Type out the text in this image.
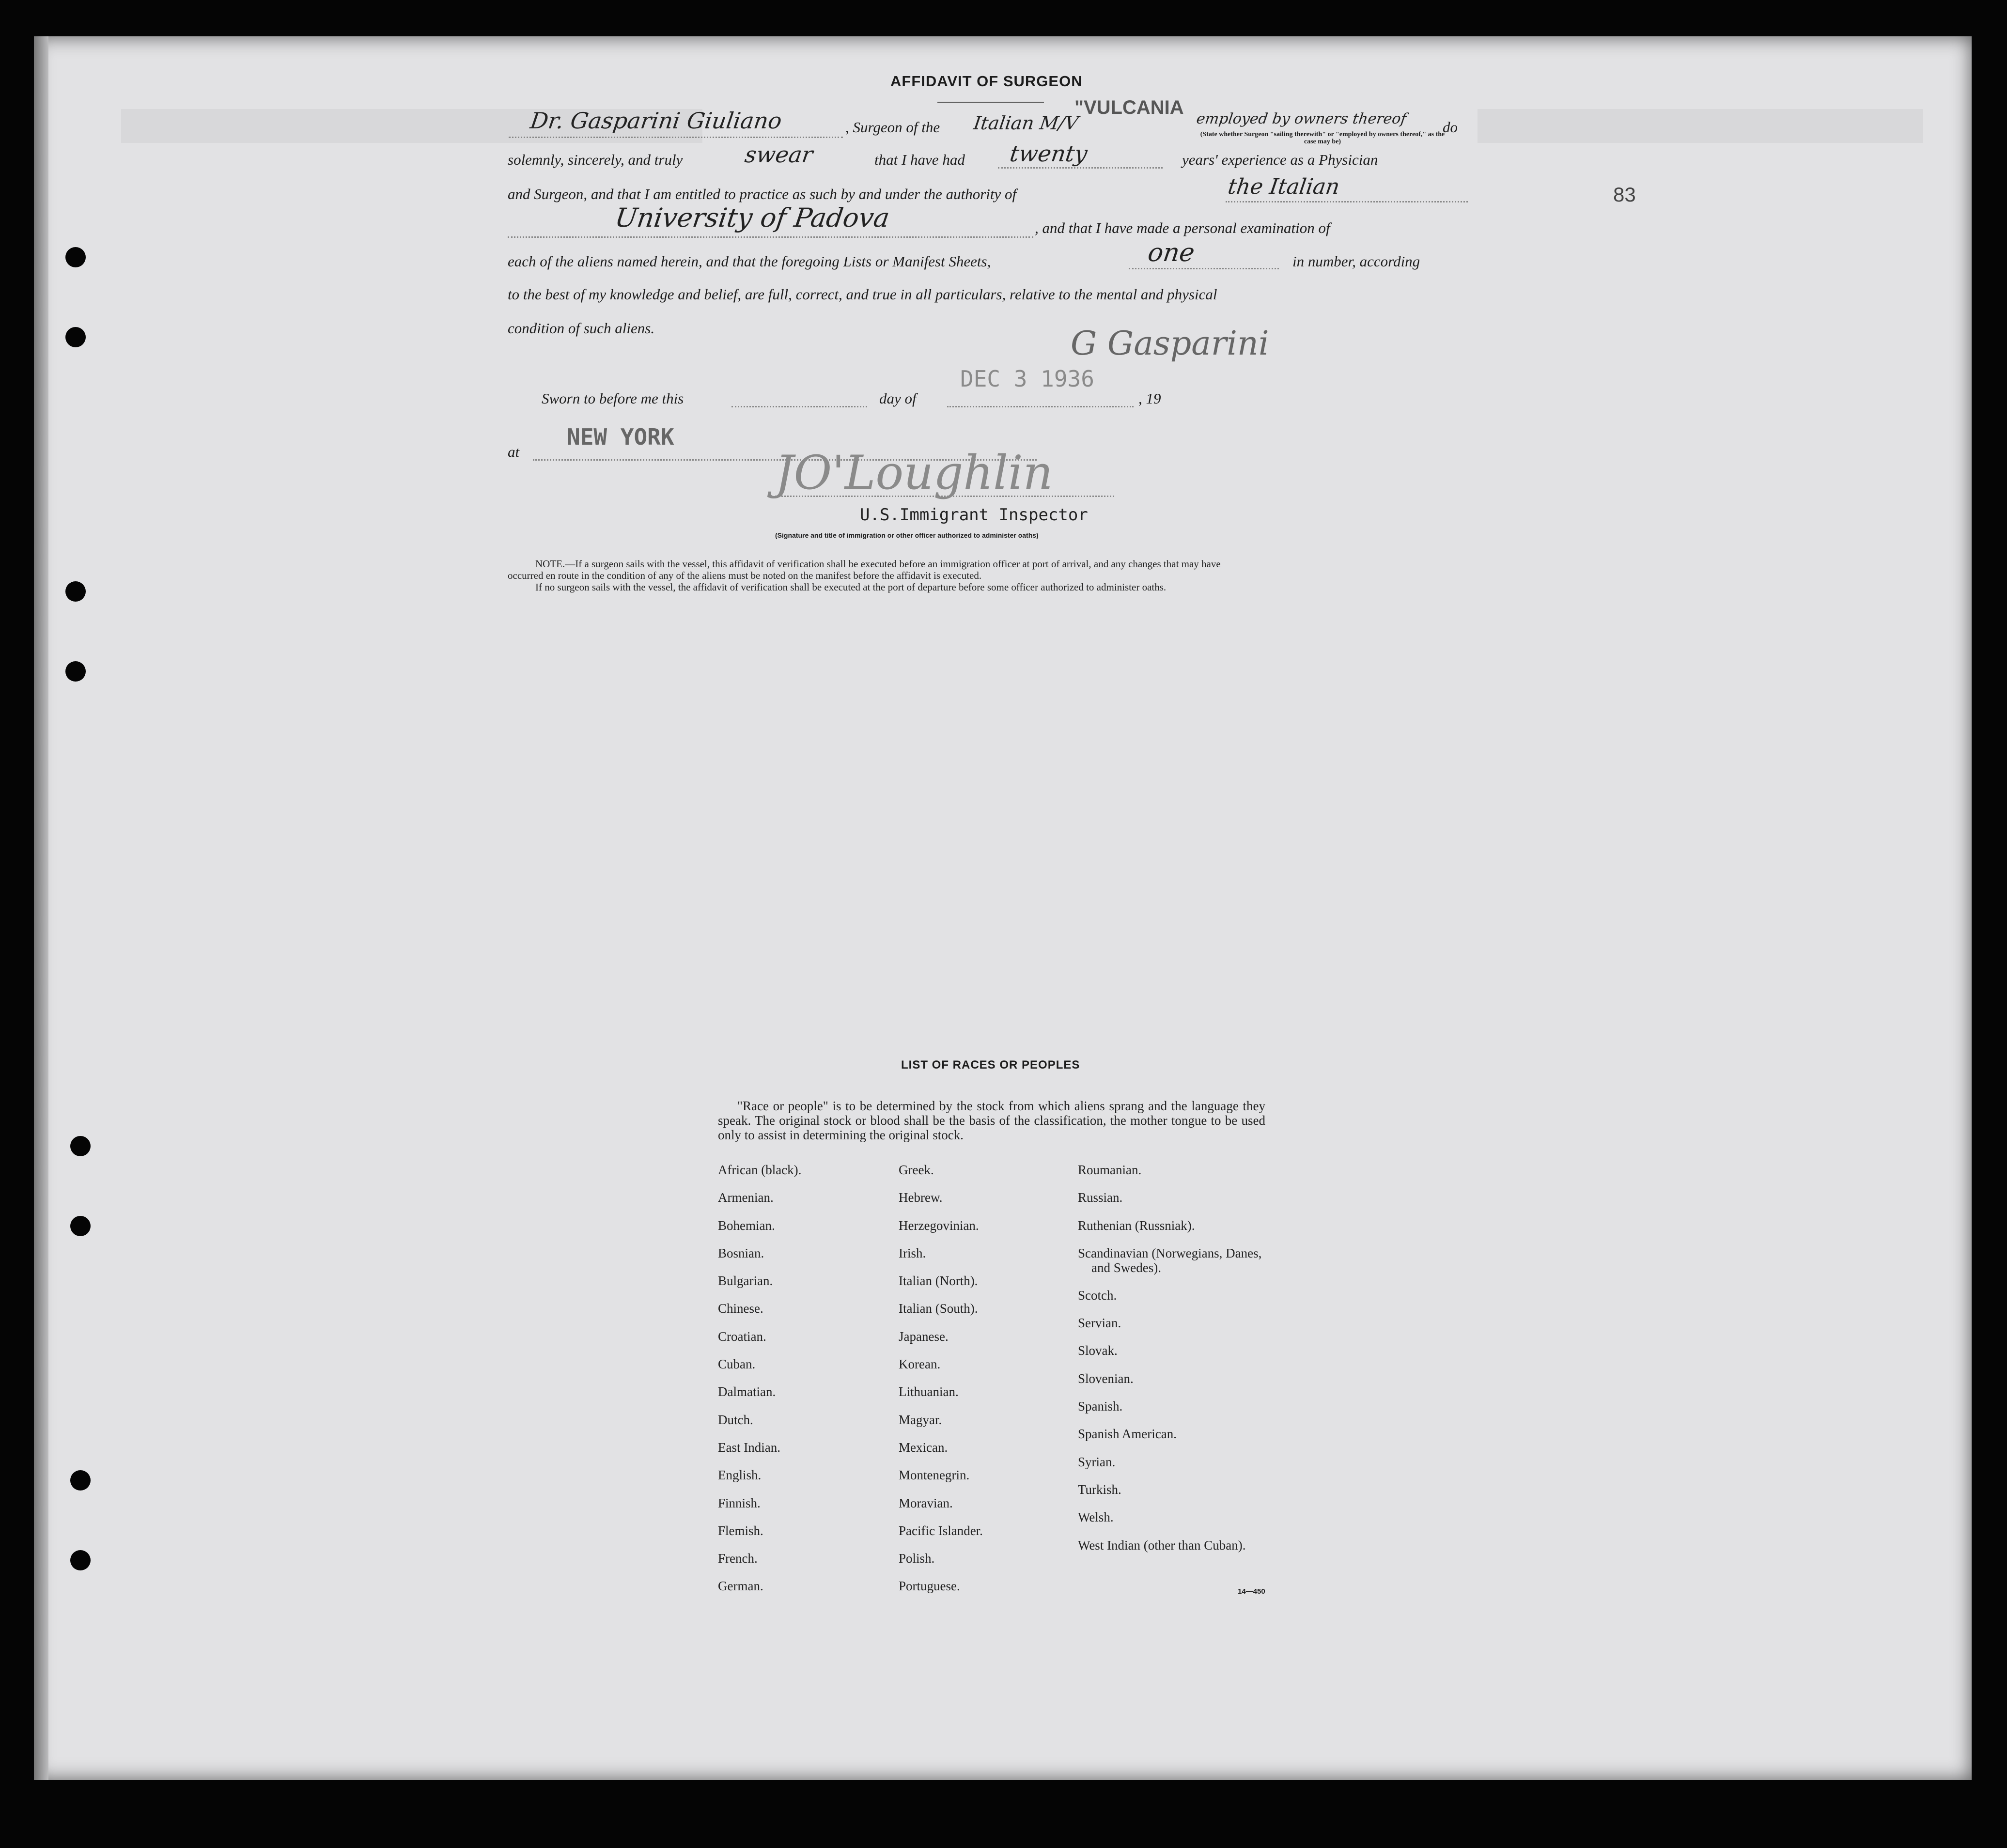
AFFIDAVIT OF SURGEON
Dr. Gasparini Giuliano	, Surgeon of the Italian M/V
"VULCANIA
employed by owners thereof do
(State whether Surgeon "sailing therewith" or "employed by owners thereof," as the case may be)
solemnly, sincerely, and truly	swear	that I have had twenty	years' experience as a Physician
and Surgeon, and that I am entitled to practice as such by and under the authority of	the Italian	83
University of Padova	, and that I have made a personal examination of
each of the aliens named herein, and that the foregoing Lists or Manifest Sheets,	one	in number, according
to the best of my knowledge and belief, are full, correct, and true in all particulars, relative to the mental and physical
condition of such aliens.	G Gasparini
Sworn to before me this	day of
DEC 3 1936
, 19
at
NEW YORK
JO'Loughlin
U.S.Immigrant Inspector
(Signature and title of immigration or other officer authorized to administer oaths)
NOTE.—If a surgeon sails with the vessel, this affidavit of verification shall be executed before an immigration officer at port of arrival, and any changes that may have
occurred en route in the condition of any of the aliens must be noted on the manifest before the affidavit is executed.
If no surgeon sails with the vessel, the affidavit of verification shall be executed at the port of departure before some officer authorized to administer oaths.
LIST OF RACES OR PEOPLES
"Race or people" is to be determined by the stock from which aliens sprang and the language they speak. The original stock or blood shall be the basis of the classification, the mother tongue to be used only to assist in determining the original stock.
African (black).
Armenian.
Bohemian.
Bosnian.
Bulgarian.
Chinese.
Croatian.
Cuban.
Dalmatian.
Dutch.
East Indian.
English.
Finnish.
Flemish.
French.
German.
Greek.
Hebrew.
Herzegovinian.
Irish.
Italian (North).
Italian (South).
Japanese.
Korean.
Lithuanian.
Magyar.
Mexican.
Montenegrin.
Moravian.
Pacific Islander.
Polish.
Portuguese.
Roumanian.
Russian.
Ruthenian (Russniak).
Scandinavian (Norwegians, Danes, and Swedes).
Scotch.
Servian.
Slovak.
Slovenian.
Spanish.
Spanish American.
Syrian.
Turkish.
Welsh.
West Indian (other than Cuban).
14—450
